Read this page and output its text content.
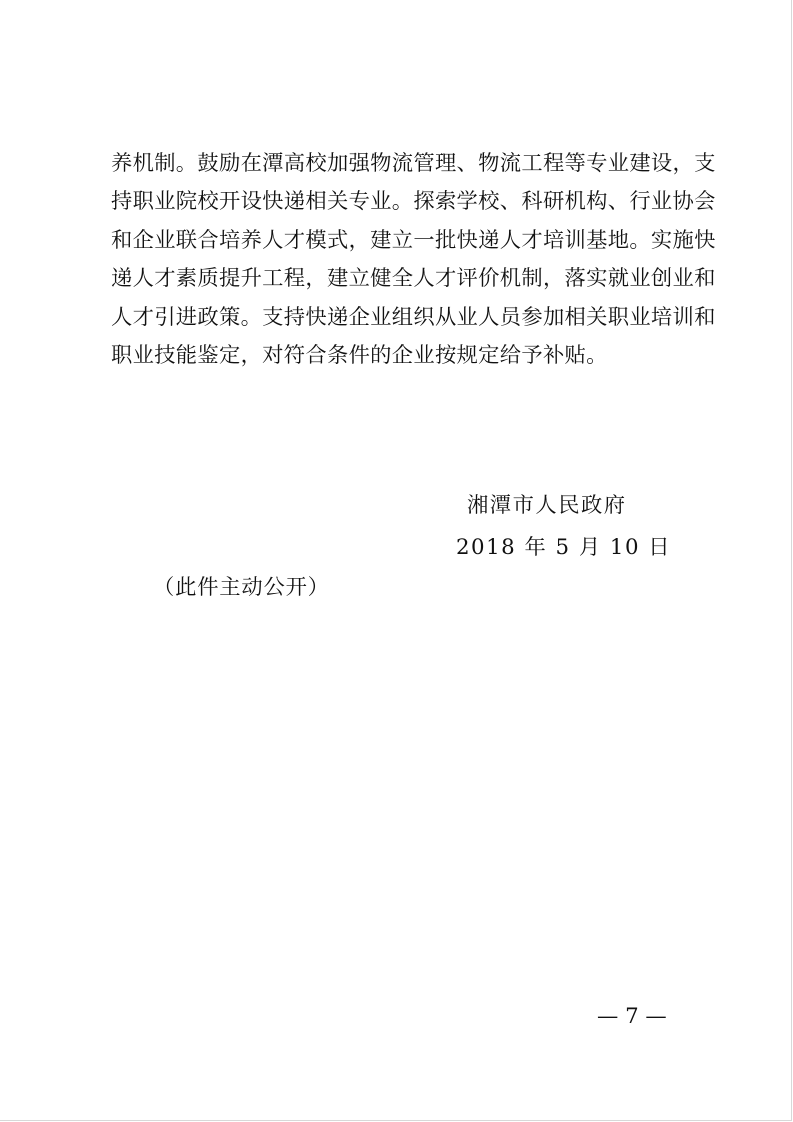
养机制。鼓励在潭高校加强物流管理、物流工程等专业建设，支
持职业院校开设快递相关专业。探索学校、科研机构、行业协会
和企业联合培养人才模式，建立一批快递人才培训基地。实施快
递人才素质提升工程，建立健全人才评价机制，落实就业创业和
人才引进政策。支持快递企业组织从业人员参加相关职业培训和
职业技能鉴定，对符合条件的企业按规定给予补贴。

湘潭市人民政府

2018 年 5 月 10 日

（此件主动公开）

— 7 —
